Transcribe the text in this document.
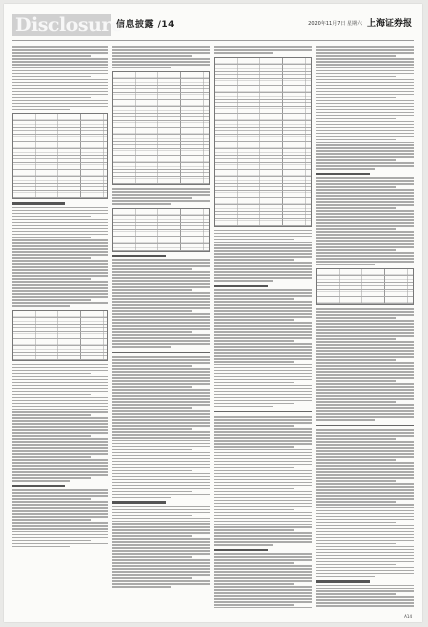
Disclosure
信息披露 /14	2020年11月7日 星期六 上海证券报
A14
